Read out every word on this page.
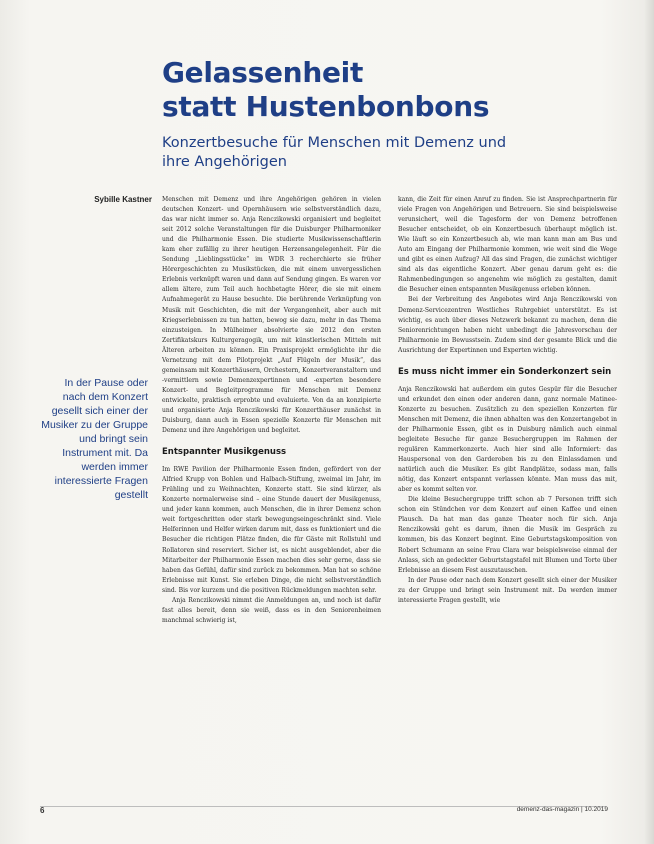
Gelassenheit
statt Hustenbonbons
Konzertbesuche für Menschen mit Demenz und
ihre Angehörigen
Sybille Kastner
In der Pause oder nach dem Konzert gesellt sich einer der Musiker zu der Gruppe und bringt sein Instrument mit. Da werden immer interessierte Fragen gestellt

Menschen mit Demenz und ihre Angehörigen gehören in vielen deutschen Konzert- und Opernhäusern wie selbstverständlich dazu, das war nicht immer so. Anja Renczikowski organisiert und begleitet seit 2012 solche Veranstaltungen für die Duisburger Philharmoniker und die Philharmonie Essen. Die studierte Musikwissenschaftlerin kam eher zufällig zu ihrer heutigen Herzensangelegenheit. Für die Sendung „Lieblingsstücke“ im WDR 3 recherchierte sie früher Hörergeschichten zu Musikstücken, die mit einem unvergesslichen Erlebnis verknüpft waren und dann auf Sendung gingen. Es waren vor allem ältere, zum Teil auch hochbetagte Hörer, die sie mit einem Aufnahmegerät zu Hause besuchte. Die berührende Verknüpfung von Musik mit Geschichten, die mit der Vergangenheit, aber auch mit Kriegserlebnissen zu tun hatten, bewog sie dazu, mehr in das Thema einzusteigen. In Mülheimer absolvierte sie 2012 den ersten Zertifikatskurs Kulturgeragogik, um mit künstlerischen Mitteln mit Älteren arbeiten zu können. Ein Praxisprojekt ermöglichte ihr die Vernetzung mit dem Pilotprojekt „Auf Flügeln der Musik“, das gemeinsam mit Konzerthäusern, Orchestern, Konzertveranstaltern und -vermittlern sowie Demenzexpertinnen und -experten besondere Konzert- und Begleitprogramme für Menschen mit Demenz entwickelte, praktisch erprobte und evaluierte. Von da an konzipierte und organisierte Anja Renczikowski für Konzerthäuser zunächst in Duisburg, dann auch in Essen spezielle Konzerte für Menschen mit Demenz und ihre Angehörigen und begleitet.

Entspannter Musikgenuss

Im RWE Pavilion der Philharmonie Essen finden, gefördert von der Alfried Krupp von Bohlen und Halbach-Stiftung, zweimal im Jahr, im Frühling und zu Weihnachten, Konzerte statt. Sie sind kürzer, als Konzerte normalerweise sind – eine Stunde dauert der Musikgenuss, und jeder kann kommen, auch Menschen, die in ihrer Demenz schon weit fortgeschritten oder stark bewegungseingeschränkt sind. Viele Helferinnen und Helfer wirken darum mit, dass es funktioniert und die Besucher die richtigen Plätze finden, die für Gäste mit Rollstuhl und Rollatoren sind reserviert. Sicher ist, es nicht ausgeblendet, aber die Mitarbeiter der Philharmonie Essen machen dies sehr gerne, dass sie haben das Gefühl, dafür sind zurück zu bekommen. Man hat so schöne Erlebnisse mit Kunst. Sie erleben Dinge, die nicht selbstverständlich sind. Bis vor kurzem und die positiven Rückmeldungen machten sehr.

Anja Renczikowski nimmt die Anmeldungen an, und noch ist dafür fast alles bereit, denn sie weiß, dass es in den Seniorenheimen manchmal schwierig ist,

kann, die Zeit für einen Anruf zu finden. Sie ist Ansprechpartnerin für viele Fragen von Angehörigen und Betreuern. Sie sind beispielsweise verunsichert, weil die Tagesform der von Demenz betroffenen Besucher entscheidet, ob ein Konzertbesuch überhaupt möglich ist. Wie läuft so ein Konzertbesuch ab, wie man kann man am Bus und Auto am Eingang der Philharmonie kommen, wie weit sind die Wege und gibt es einen Aufzug? All das sind Fragen, die zunächst wichtiger sind als das eigentliche Konzert. Aber genau darum geht es: die Rahmenbedingungen so angenehm wie möglich zu gestalten, damit die Besucher einen entspannten Musikgenuss erleben können.

Bei der Verbreitung des Angebotes wird Anja Renczikowski von Demenz-Servicezentren Westliches Ruhrgebiet unterstützt. Es ist wichtig, es auch über dieses Netzwerk bekannt zu machen, denn die Seniorenrichtungen haben nicht unbedingt die Jahresvorschau der Philharmonie im Bewusstsein. Zudem sind der gesamte Blick und die Ausrichtung der Expertinnen und Experten wichtig.

Es muss nicht immer ein Sonderkonzert sein

Anja Renczikowski hat außerdem ein gutes Gespür für die Besucher und erkundet den einen oder anderen dann, ganz normale Matinee-Konzerte zu besuchen. Zusätzlich zu den speziellen Konzerten für Menschen mit Demenz, die ihnen abhalten was den Konzertangebot in der Philharmonie Essen, gibt es in Duisburg nämlich auch einmal begleitete Besuche für ganze Besuchergruppen im Rahmen der regulären Kammerkonzerte. Auch hier sind alle Informiert: das Hauspersonal von den Garderoben bis zu den Einlassdamen und natürlich auch die Musiker. Es gibt Randplätze, sodass man, falls nötig, das Konzert entspannt verlassen könnte. Man muss das mit, aber es kommt selten vor.

Die kleine Besuchergruppe trifft schon ab 7 Personen trifft sich schon ein Stündchen vor dem Konzert auf einen Kaffee und einen Plausch. Da hat man das ganze Theater noch für sich. Anja Renczikowski geht es darum, ihnen die Musik im Gespräch zu kommen, bis das Konzert beginnt. Eine Geburtstagskomposition von Robert Schumann an seine Frau Clara war beispielsweise einmal der Anlass, sich an gedeckter Geburtstagstafel mit Blumen und Torte über Erlebnisse an diesem Fest auszutauschen.

In der Pause oder nach dem Konzert gesellt sich einer der Musiker zu der Gruppe und bringt sein Instrument mit. Da werden immer interessierte Fragen gestellt, wie

6	demenz-das-magazin | 10.2019
